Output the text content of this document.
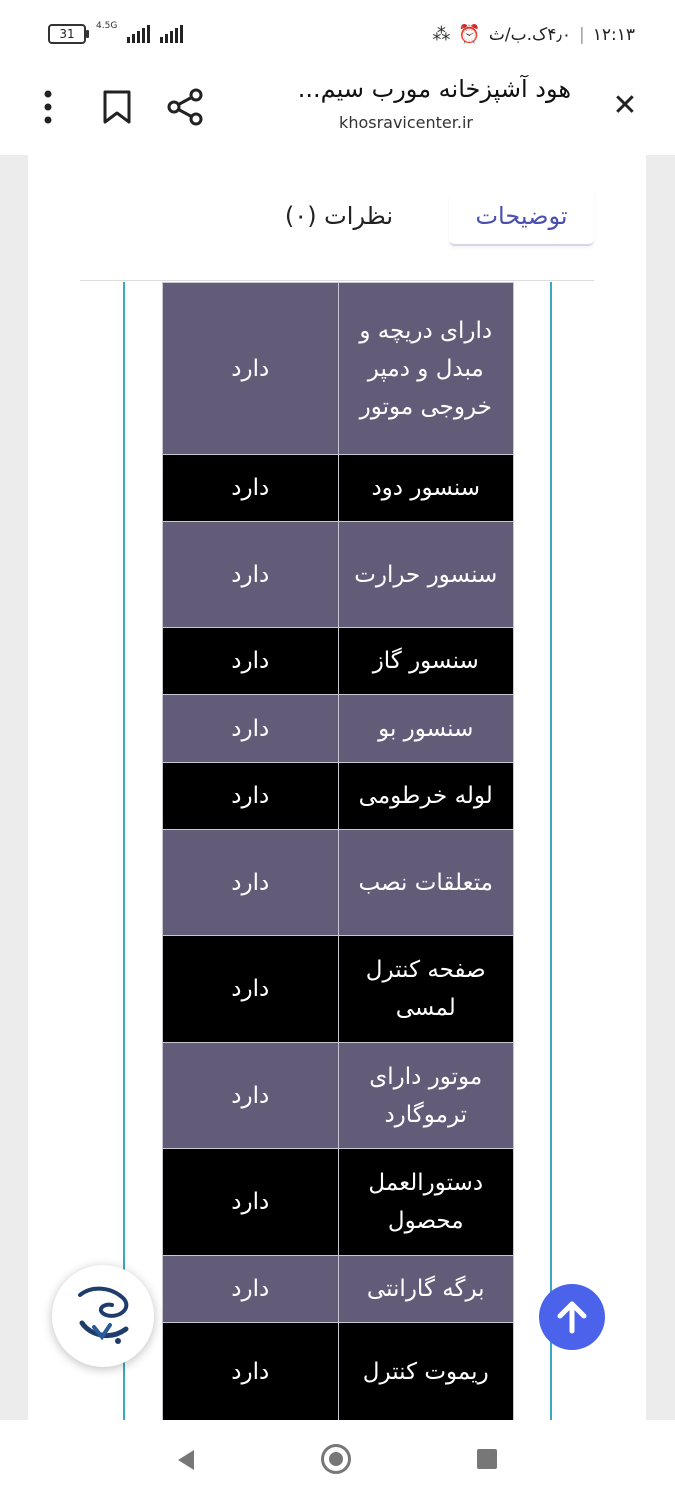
31
4.5G	۱۲:۱۳
|
۴٫۰ک.ب/ث
⏰
⁂
✕
هود آشپزخانه مورب سیم...
khosravicenter.ir
توضیحات
نظرات (۰)
دارد	دارای دریچه و مبدل و دمپر خروجی موتور
دارد	سنسور دود
دارد	سنسور حرارت
دارد	سنسور گاز
دارد	سنسور بو
دارد	لوله خرطومی
دارد	متعلقات نصب
دارد	صفحه کنترل لمسی
دارد	موتور دارای ترموگارد
دارد	دستورالعمل محصول
دارد	برگه گارانتی
دارد	ریموت کنترل
